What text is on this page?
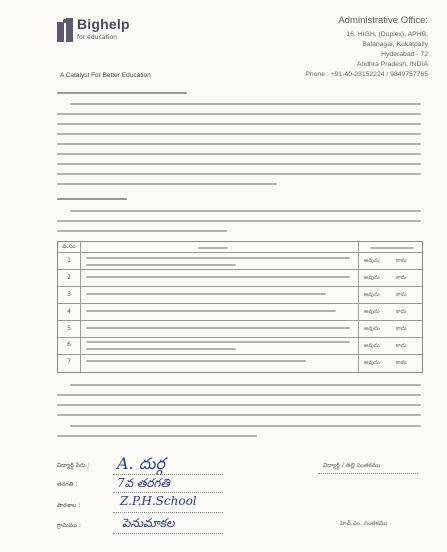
Bighelp
for education
A Catalyst For Better Education
Administrative Office:
16, HIGH, (Duplex), APHB,
Balanagar, Kukatpally
Hyderabad - 72
Andhra Pradesh, INDIA
Phone : +91-40-23152224 / 9849757765
వ.సం
1	అవును	కాదు
2	అవును	కాదు
3	అవును	కాదు
4	అవును	కాదు
5	అవును	కాదు
6	అవును	కాదు
7	అవును	కాదు
విద్యార్థి పేరు : A. దుర్గ
తరగతి :	7వ తరగతి
పాఠశాల :	Z.P.H.School
గ్రామము :	పెనుమాకల
విద్యార్థి / తల్లి సంతకము
హెచ్.ఎం. సంతకము
